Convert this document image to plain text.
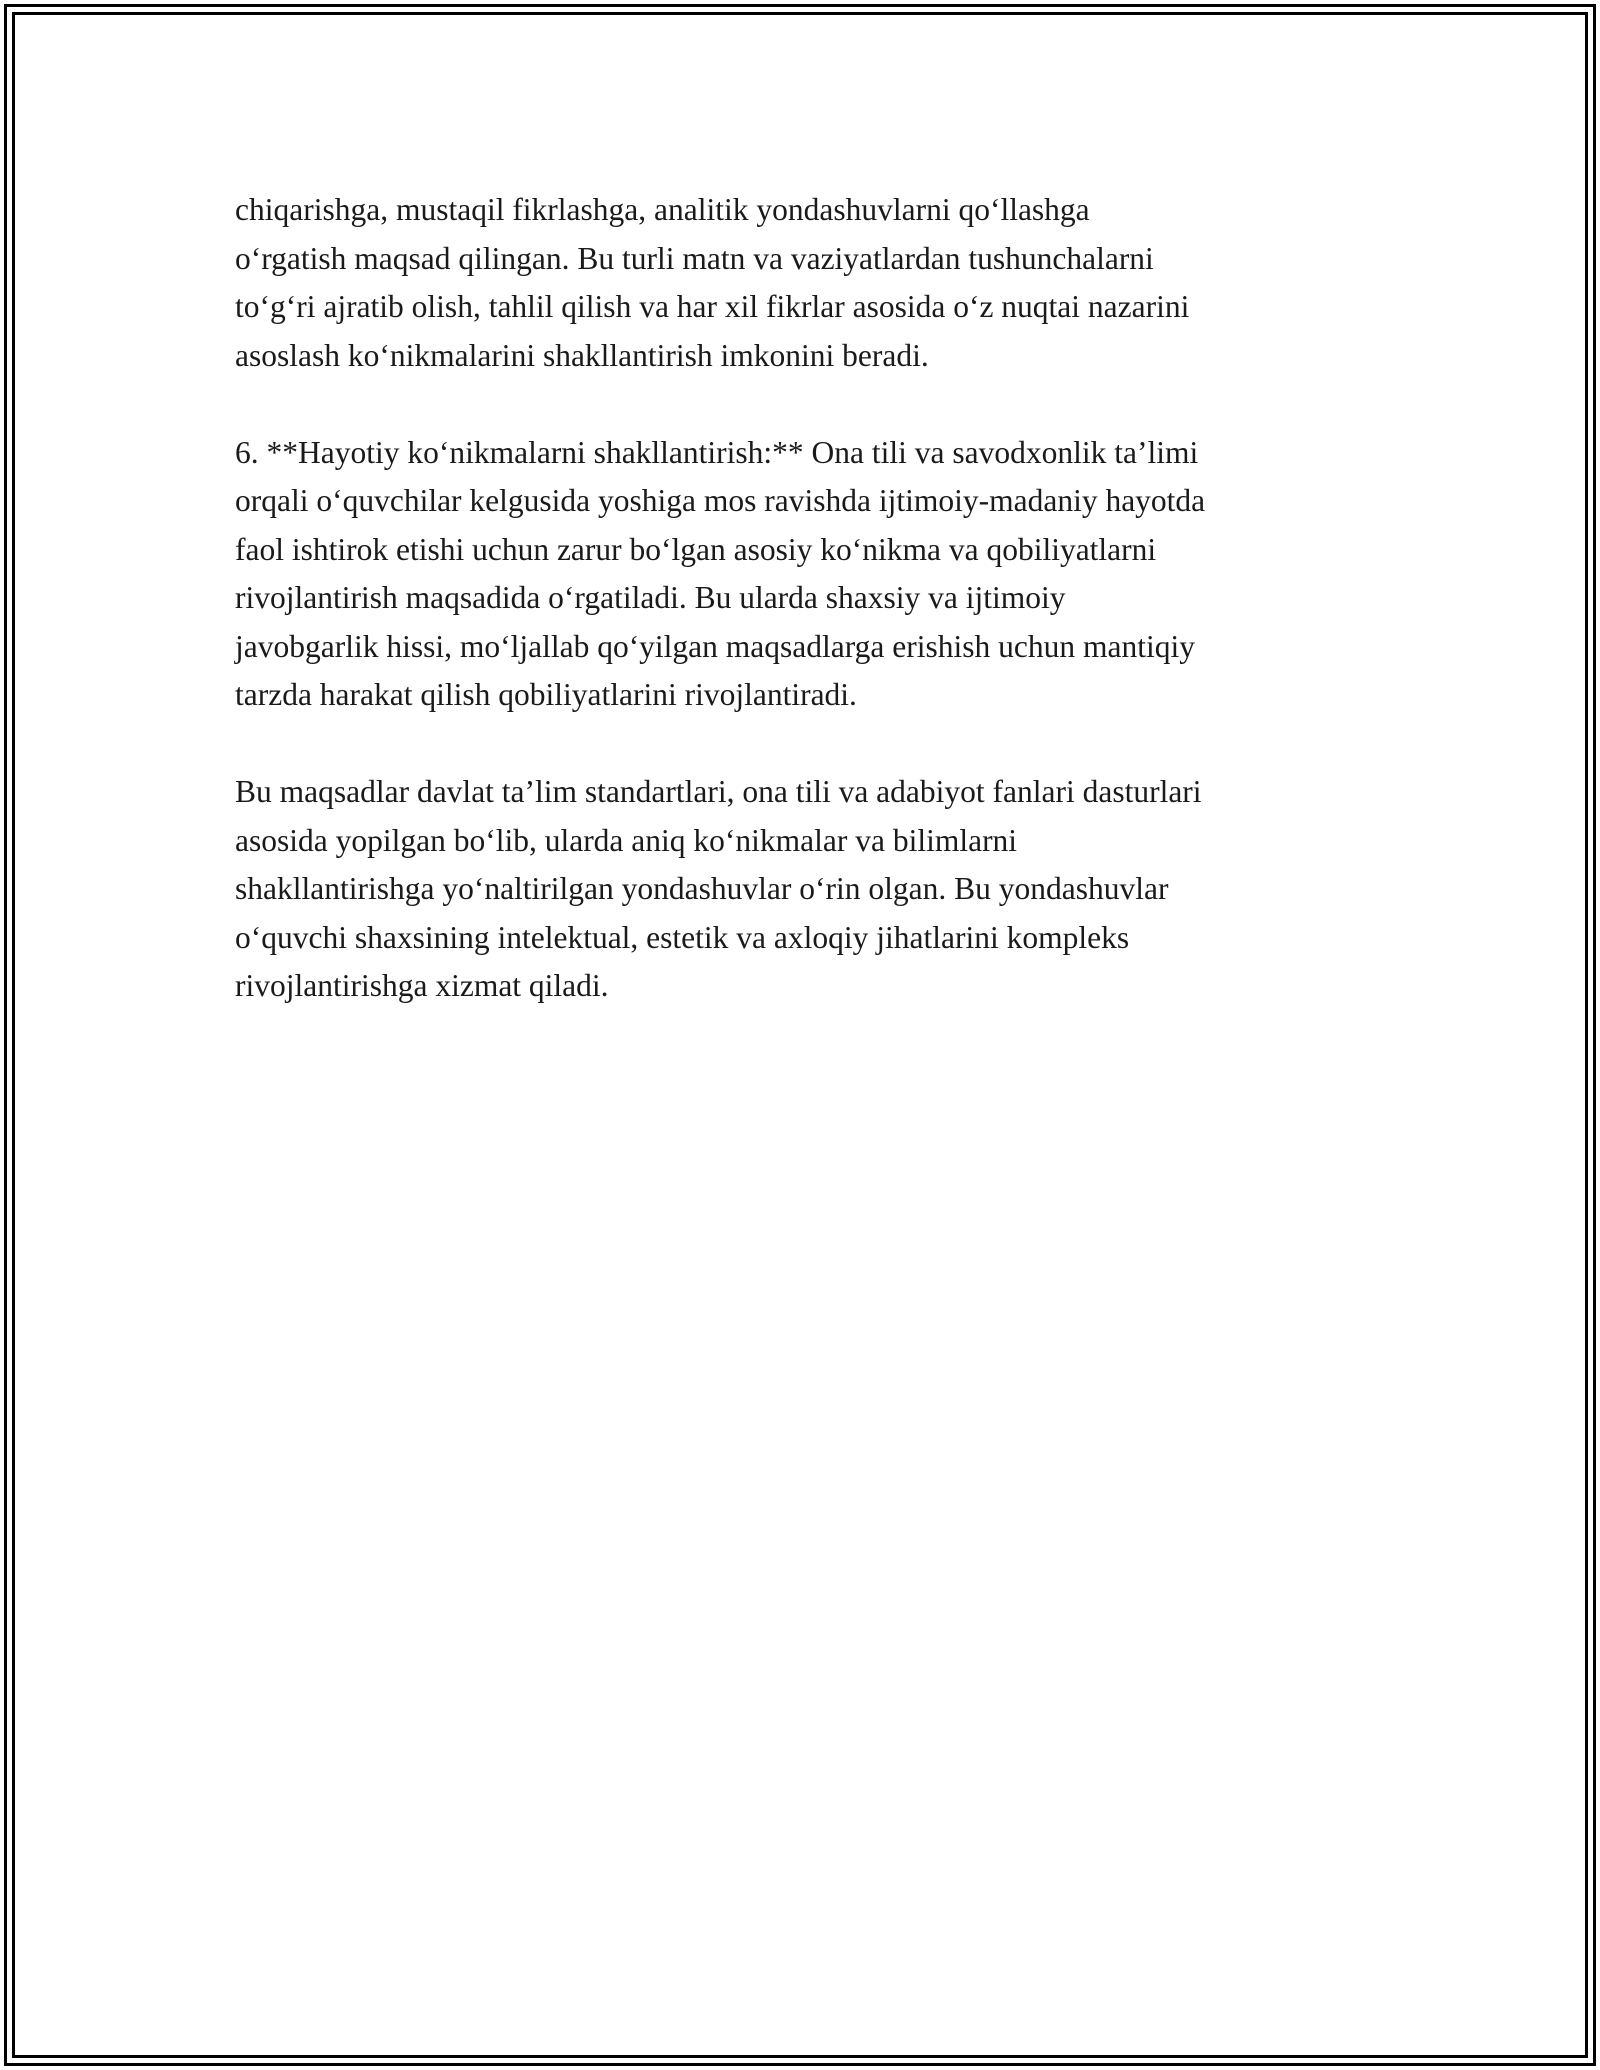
chiqarishga, mustaqil fikrlashga, analitik yondashuvlarni qo‘llashga
o‘rgatish maqsad qilingan. Bu turli matn va vaziyatlardan tushunchalarni
to‘g‘ri ajratib olish, tahlil qilish va har xil fikrlar asosida o‘z nuqtai nazarini
asoslash ko‘nikmalarini shakllantirish imkonini beradi.
6. **Hayotiy ko‘nikmalarni shakllantirish:** Ona tili va savodxonlik ta’limi
orqali o‘quvchilar kelgusida yoshiga mos ravishda ijtimoiy-madaniy hayotda
faol ishtirok etishi uchun zarur bo‘lgan asosiy ko‘nikma va qobiliyatlarni
rivojlantirish maqsadida o‘rgatiladi. Bu ularda shaxsiy va ijtimoiy
javobgarlik hissi, mo‘ljallab qo‘yilgan maqsadlarga erishish uchun mantiqiy
tarzda harakat qilish qobiliyatlarini rivojlantiradi.
Bu maqsadlar davlat ta’lim standartlari, ona tili va adabiyot fanlari dasturlari
asosida yopilgan bo‘lib, ularda aniq ko‘nikmalar va bilimlarni
shakllantirishga yo‘naltirilgan yondashuvlar o‘rin olgan. Bu yondashuvlar
o‘quvchi shaxsining intelektual, estetik va axloqiy jihatlarini kompleks
rivojlantirishga xizmat qiladi.
